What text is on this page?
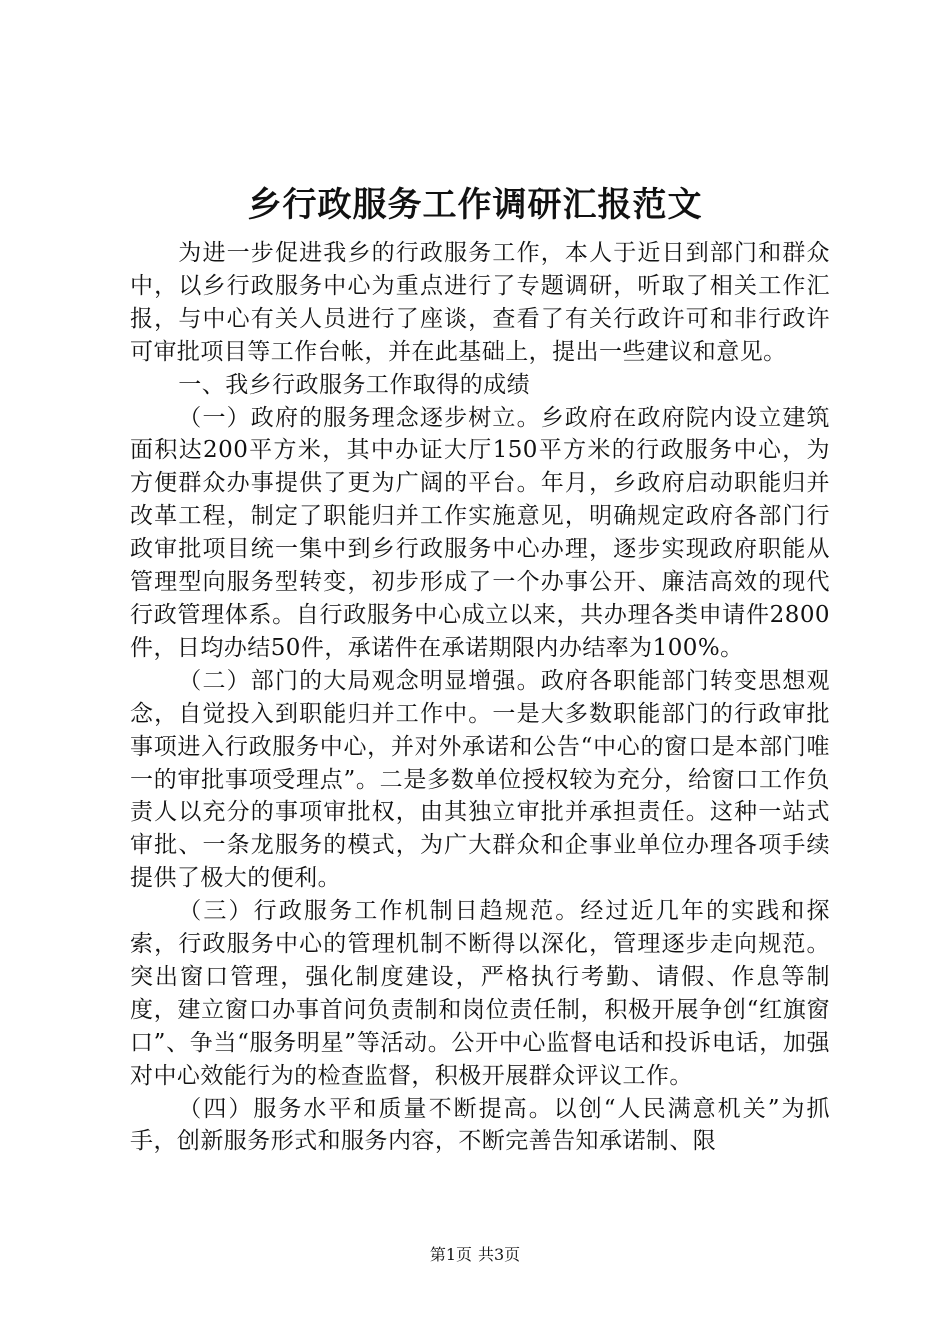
乡行政服务工作调研汇报范文

为进一步促进我乡的行政服务工作，本人于近日到部门和群众中，以乡行政服务中心为重点进行了专题调研，听取了相关工作汇报，与中心有关人员进行了座谈，查看了有关行政许可和非行政许可审批项目等工作台帐，并在此基础上，提出一些建议和意见。

一、我乡行政服务工作取得的成绩

（一）政府的服务理念逐步树立。乡政府在政府院内设立建筑面积达200平方米，其中办证大厅150平方米的行政服务中心，为方便群众办事提供了更为广阔的平台。年月，乡政府启动职能归并改革工程，制定了职能归并工作实施意见，明确规定政府各部门行政审批项目统一集中到乡行政服务中心办理，逐步实现政府职能从管理型向服务型转变，初步形成了一个办事公开、廉洁高效的现代行政管理体系。自行政服务中心成立以来，共办理各类申请件2800件，日均办结50件，承诺件在承诺期限内办结率为100%。

（二）部门的大局观念明显增强。政府各职能部门转变思想观念，自觉投入到职能归并工作中。一是大多数职能部门的行政审批事项进入行政服务中心，并对外承诺和公告“中心的窗口是本部门唯一的审批事项受理点”。二是多数单位授权较为充分，给窗口工作负责人以充分的事项审批权，由其独立审批并承担责任。这种一站式审批、一条龙服务的模式，为广大群众和企事业单位办理各项手续提供了极大的便利。

（三）行政服务工作机制日趋规范。经过近几年的实践和探索，行政服务中心的管理机制不断得以深化，管理逐步走向规范。突出窗口管理，强化制度建设，严格执行考勤、请假、作息等制度，建立窗口办事首问负责制和岗位责任制，积极开展争创“红旗窗口”、争当“服务明星”等活动。公开中心监督电话和投诉电话，加强对中心效能行为的检查监督，积极开展群众评议工作。

（四）服务水平和质量不断提高。以创“人民满意机关”为抓手，创新服务形式和服务内容，不断完善告知承诺制、限

第1页 共3页
